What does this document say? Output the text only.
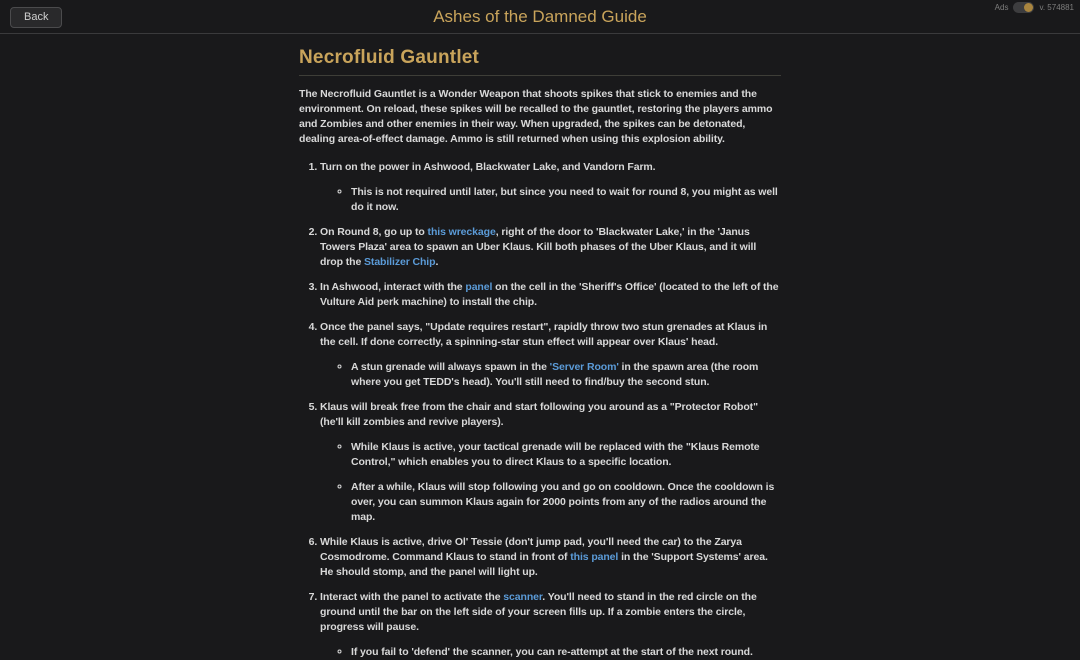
Back	Ashes of the Damned Guide	Ads	v. 574881
Necrofluid Gauntlet

The Necrofluid Gauntlet is a Wonder Weapon that shoots spikes that stick to enemies and the environment. On reload, these spikes will be recalled to the gauntlet, restoring the players ammo and Zombies and other enemies in their way. When upgraded, the spikes can be detonated, dealing area-of-effect damage. Ammo is still returned when using this explosion ability.

1. Turn on the power in Ashwood, Blackwater Lake, and Vandorn Farm.
◦ This is not required until later, but since you need to wait for round 8, you might as well do it now.
2. On Round 8, go up to this wreckage, right of the door to 'Blackwater Lake,' in the 'Janus Towers Plaza' area to spawn an Uber Klaus. Kill both phases of the Uber Klaus, and it will drop the Stabilizer Chip.
3. In Ashwood, interact with the panel on the cell in the 'Sheriff's Office' (located to the left of the Vulture Aid perk machine) to install the chip.
4. Once the panel says, "Update requires restart", rapidly throw two stun grenades at Klaus in the cell. If done correctly, a spinning-star stun effect will appear over Klaus' head.
◦ A stun grenade will always spawn in the 'Server Room' in the spawn area (the room where you get TEDD's head). You'll still need to find/buy the second stun.
5. Klaus will break free from the chair and start following you around as a "Protector Robot" (he'll kill zombies and revive players).
◦ While Klaus is active, your tactical grenade will be replaced with the "Klaus Remote Control," which enables you to direct Klaus to a specific location.
◦ After a while, Klaus will stop following you and go on cooldown. Once the cooldown is over, you can summon Klaus again for 2000 points from any of the radios around the map.
6. While Klaus is active, drive Ol' Tessie (don't jump pad, you'll need the car) to the Zarya Cosmodrome. Command Klaus to stand in front of this panel in the 'Support Systems' area. He should stomp, and the panel will light up.
7. Interact with the panel to activate the scanner. You'll need to stand in the red circle on the ground until the bar on the left side of your screen fills up. If a zombie enters the circle, progress will pause.
◦ If you fail to 'defend' the scanner, you can re-attempt at the start of the next round.
